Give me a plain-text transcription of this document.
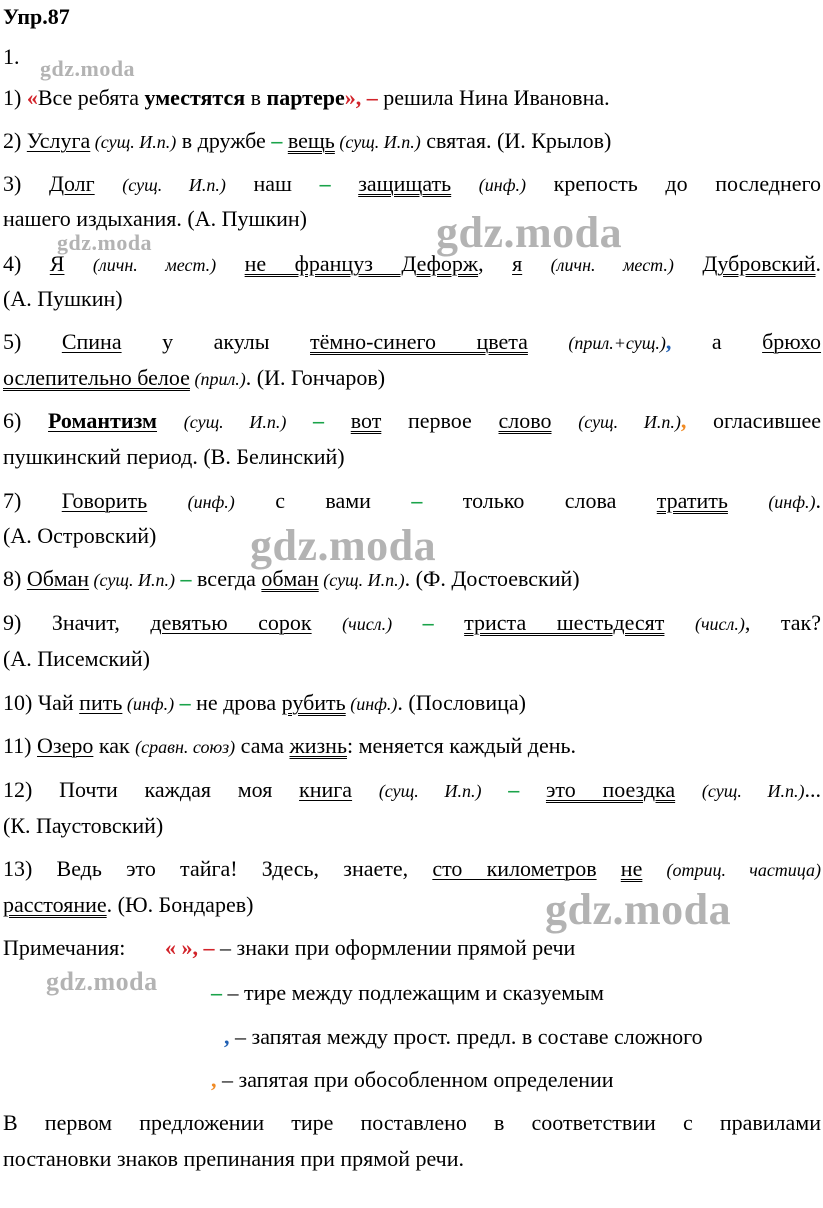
Упр.87
1. gdz.moda
gdz.moda	gdz.moda
gdz.moda
gdz.moda
gdz.moda
1) «Все ребята уместятся в партере», – решила Нина Ивановна.
2) Услуга (сущ. И.п.) в дружбе – вещь (сущ. И.п.) святая. (И. Крылов)
3) Долг (сущ. И.п.) наш – защищать (инф.) крепость до последнего
нашего издыхания. (А. Пушкин)
4) Я (личн. мест.) не француз Дефорж, я (личн. мест.) Дубровский.
(А. Пушкин)
5) Спина у акулы тёмно-синего цвета (прил.+сущ.), а брюхо
ослепительно белое (прил.). (И. Гончаров)
6) Романтизм (сущ. И.п.) – вот первое слово (сущ. И.п.), огласившее
пушкинский период. (В. Белинский)
7) Говорить (инф.) с вами – только слова тратить (инф.).
(А. Островский)
8) Обман (сущ. И.п.) – всегда обман (сущ. И.п.). (Ф. Достоевский)
9) Значит, девятью сорок (числ.) – триста шестьдесят (числ.), так?
(А. Писемский)
10) Чай пить (инф.) – не дрова рубить (инф.). (Пословица)
11) Озеро как (сравн. союз) сама жизнь: меняется каждый день.
12) Почти каждая моя книга (сущ. И.п.) – это поездка (сущ. И.п.)...
(К. Паустовский)
13) Ведь это тайга! Здесь, знаете, сто километров не (отриц. частица)
расстояние. (Ю. Бондарев)
Примечания: « », – – знаки при оформлении прямой речи
– – тире между подлежащим и сказуемым
, – запятая между прост. предл. в составе сложного
, – запятая при обособленном определении
В первом предложении тире поставлено в соответствии с правилами
постановки знаков препинания при прямой речи.
